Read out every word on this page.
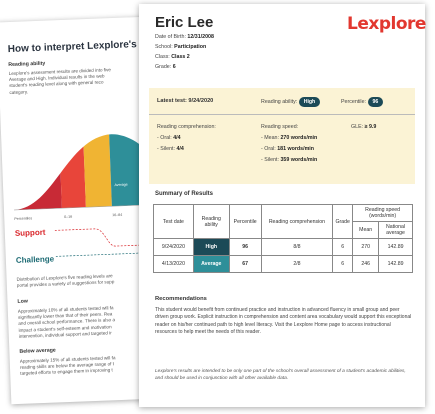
How to interpret Lexplore's
Reading ability
Lexplore's assessment results are divided into five
Average and High. Individual results in the web
student's reading level along with general reco
category.
Average
Percentiles	0–16	16–84
Support
Challenge
Distribution of Lexplore's five reading levels are
portal provides a variety of suggestions for supp
Low
Approximately 10% of all students tested will fa
significantly lower than that of their peers. Rea
and overall school performance. There is also a
impact a student's self-esteem and motivation
intervention, individual support and targeted ir
Below average
Approximately 15% of all students tested will fa
reading skills are below the average range of t
targeted efforts to engage them in improving t
Eric Lee	Lexplore
Date of Birth: 12/31/2008
School: Participation
Class: Class 2
Grade: 6
Latest test: 9/24/2020	Reading ability: High	Percentile: 96
Reading comprehension:
- Oral: 4/4
- Silent: 4/4
Reading speed:
- Mean: 270 words/min
- Oral: 181 words/min
- Silent: 359 words/min
GLE: ≥ 9.9
Summary of Results
Test date	Reading ability	Percentile	Reading comprehension	Grade	Reading speed (words/min)	
					Mean	National average
9/24/2020	High	96	8/8	6	270	142.89
4/13/2020	Average	67	2/8	6	246	142.89
Recommendations
This student would benefit from continued practice and instruction in advanced fluency in small group and peer driven group work. Explicit instruction in comprehension and content area vocabulary would support this exceptional reader on his/her continued path to high level literacy. Visit the Lexplore Home page to access instructional resources to help meet the needs of this reader.
Lexplore's results are intended to be only one part of the school's overall assessment of a student's academic abilities, and should be used in conjunction with all other available data.
